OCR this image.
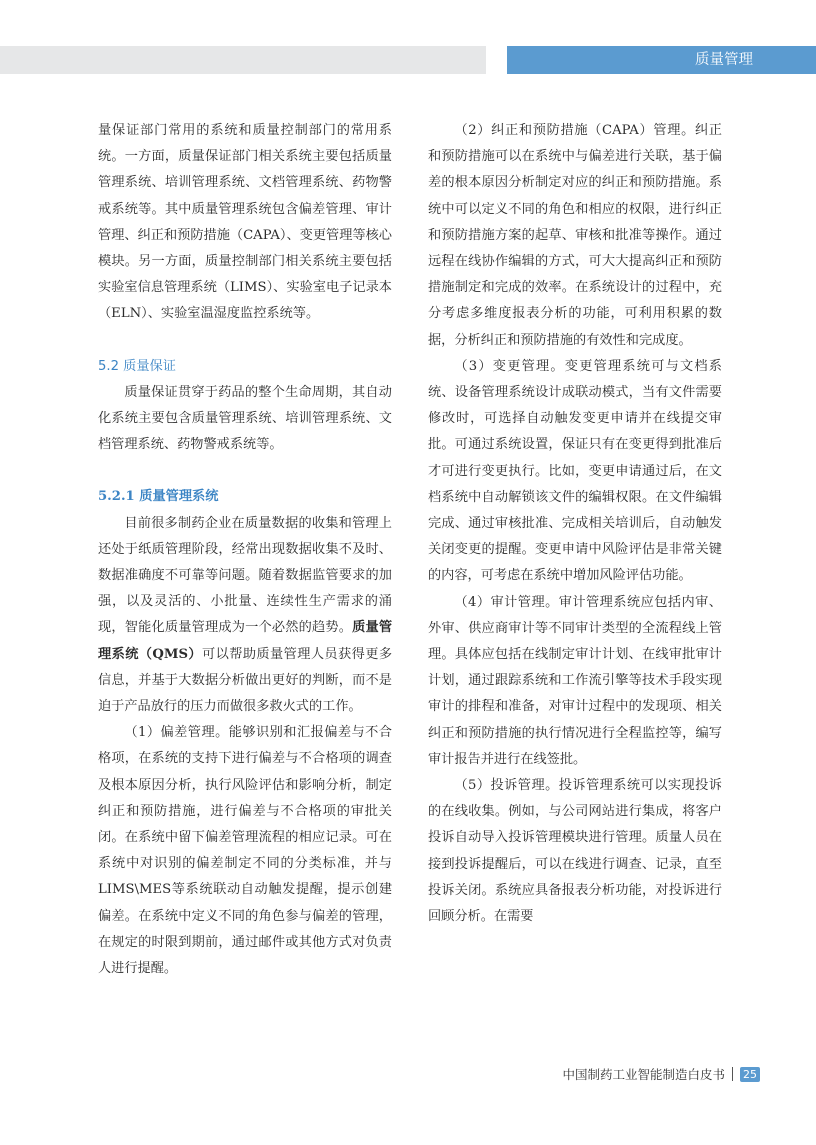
质量管理

量保证部门常用的系统和质量控制部门的常用系统。一方面，质量保证部门相关系统主要包括质量管理系统、培训管理系统、文档管理系统、药物警戒系统等。其中质量管理系统包含偏差管理、审计管理、纠正和预防措施（CAPA）、变更管理等核心模块。另一方面，质量控制部门相关系统主要包括实验室信息管理系统（LIMS）、实验室电子记录本（ELN）、实验室温湿度监控系统等。

5.2 质量保证

质量保证贯穿于药品的整个生命周期，其自动化系统主要包含质量管理系统、培训管理系统、文档管理系统、药物警戒系统等。

5.2.1 质量管理系统

目前很多制药企业在质量数据的收集和管理上还处于纸质管理阶段，经常出现数据收集不及时、数据准确度不可靠等问题。随着数据监管要求的加强，以及灵活的、小批量、连续性生产需求的涌现，智能化质量管理成为一个必然的趋势。质量管理系统（QMS）可以帮助质量管理人员获得更多信息，并基于大数据分析做出更好的判断，而不是迫于产品放行的压力而做很多救火式的工作。

（1）偏差管理。能够识别和汇报偏差与不合格项，在系统的支持下进行偏差与不合格项的调查及根本原因分析，执行风险评估和影响分析，制定纠正和预防措施，进行偏差与不合格项的审批关闭。在系统中留下偏差管理流程的相应记录。可在系统中对识别的偏差制定不同的分类标准，并与LIMS\MES等系统联动自动触发提醒，提示创建偏差。在系统中定义不同的角色参与偏差的管理，在规定的时限到期前，通过邮件或其他方式对负责人进行提醒。

（2）纠正和预防措施（CAPA）管理。纠正和预防措施可以在系统中与偏差进行关联，基于偏差的根本原因分析制定对应的纠正和预防措施。系统中可以定义不同的角色和相应的权限，进行纠正和预防措施方案的起草、审核和批准等操作。通过远程在线协作编辑的方式，可大大提高纠正和预防措施制定和完成的效率。在系统设计的过程中，充分考虑多维度报表分析的功能，可利用积累的数据，分析纠正和预防措施的有效性和完成度。

（3）变更管理。变更管理系统可与文档系统、设备管理系统设计成联动模式，当有文件需要修改时，可选择自动触发变更申请并在线提交审批。可通过系统设置，保证只有在变更得到批准后才可进行变更执行。比如，变更申请通过后，在文档系统中自动解锁该文件的编辑权限。在文件编辑完成、通过审核批准、完成相关培训后，自动触发关闭变更的提醒。变更申请中风险评估是非常关键的内容，可考虑在系统中增加风险评估功能。

（4）审计管理。审计管理系统应包括内审、外审、供应商审计等不同审计类型的全流程线上管理。具体应包括在线制定审计计划、在线审批审计计划，通过跟踪系统和工作流引擎等技术手段实现审计的排程和准备，对审计过程中的发现项、相关纠正和预防措施的执行情况进行全程监控等，编写审计报告并进行在线签批。

（5）投诉管理。投诉管理系统可以实现投诉的在线收集。例如，与公司网站进行集成，将客户投诉自动导入投诉管理模块进行管理。质量人员在接到投诉提醒后，可以在线进行调查、记录，直至投诉关闭。系统应具备报表分析功能，对投诉进行回顾分析。在需要

中国制药工业智能制造白皮书 25
